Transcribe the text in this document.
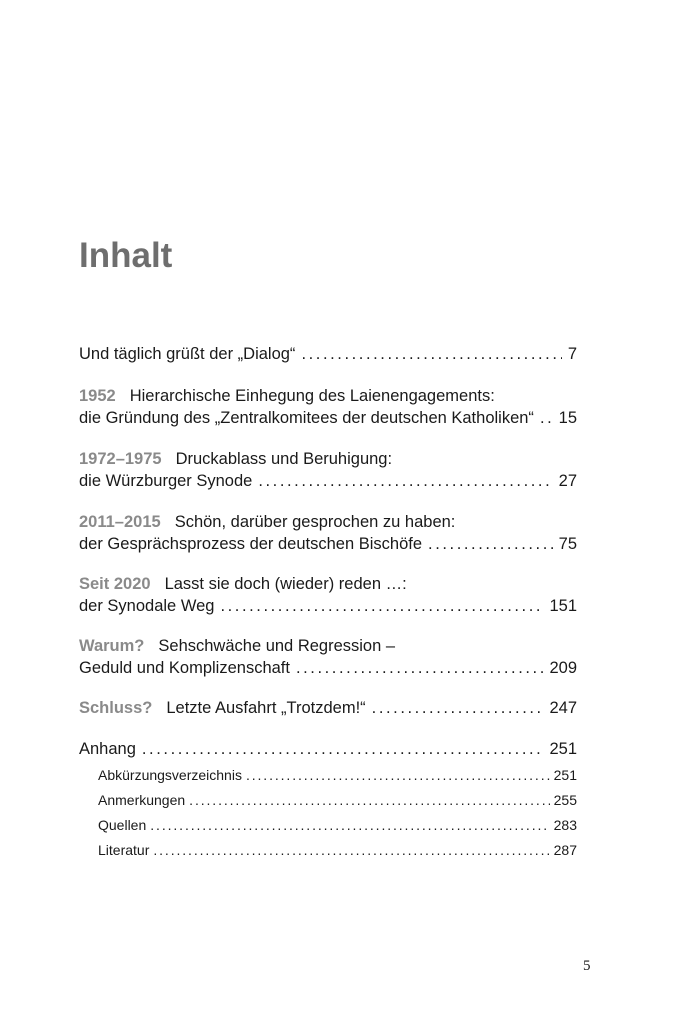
Inhalt
Und täglich grüßt der „Dialog“ . . .	7
1952 Hierarchische Einhegung des Laienengagements:
die Gründung des „Zentralkomitees der deutschen Katholiken“ . . . 15
1972–1975 Druckablass und Beruhigung:
die Würzburger Synode . . .	27
2011–2015 Schön, darüber gesprochen zu haben:
der Gesprächsprozess der deutschen Bischöfe . . .	75
Seit 2020 Lasst sie doch (wieder) reden …:
der Synodale Weg . . .	151
Warum? Sehschwäche und Regression –
Geduld und Komplizenschaft . . .	209
Schluss? Letzte Ausfahrt „Trotzdem!“ . . .	247
Anhang . . .	251
Abkürzungsverzeichnis . . .	251
Anmerkungen . . .	255
Quellen . . .	283
Literatur . . .	287
5
